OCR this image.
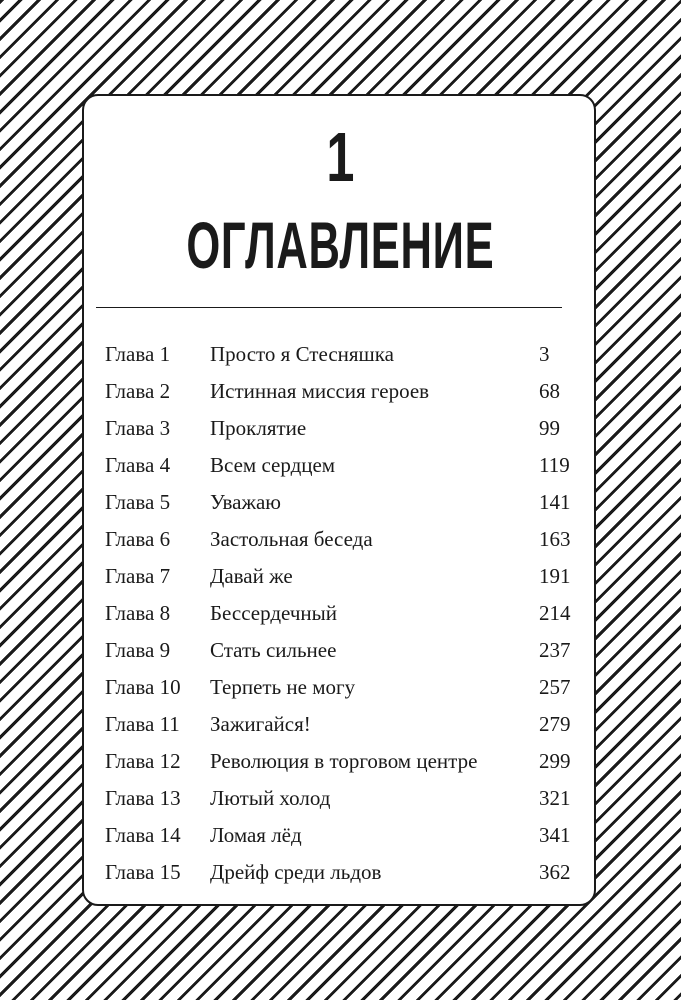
1
ОГЛАВЛЕНИЕ
Глава 1 Просто я Стесняшка	3
Глава 2 Истинная миссия героев	68
Глава 3 Проклятие	99
Глава 4 Всем сердцем	119
Глава 5 Уважаю	141
Глава 6 Застольная беседа	163
Глава 7 Давай же	191
Глава 8 Бессердечный	214
Глава 9 Стать сильнее	237
Глава 10 Терпеть не могу	257
Глава 11 Зажигайся!	279
Глава 12 Революция в торговом центре	299
Глава 13 Лютый холод	321
Глава 14 Ломая лёд	341
Глава 15 Дрейф среди льдов	362
